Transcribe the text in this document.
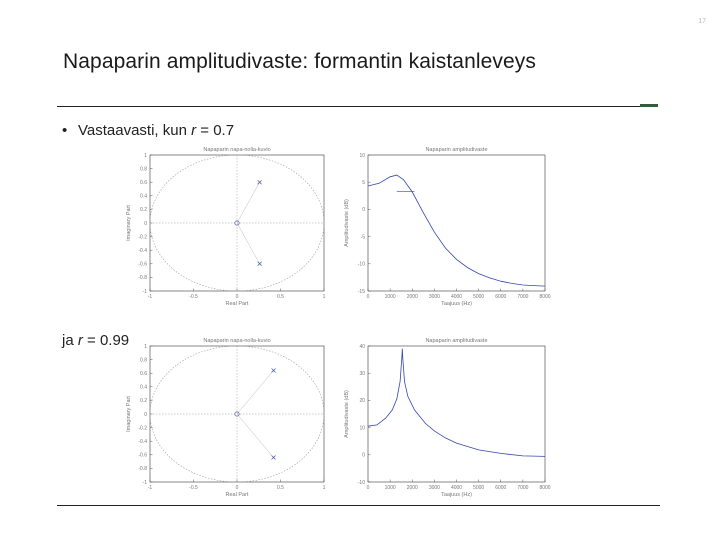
17
Napaparin amplitudivaste: formantin kaistanleveys
• Vastaavasti, kun r = 0.7
ja r = 0.99
Napaparin napa-nolla-kuvio
-1	-0.5	0	0.5	1
1
0.8
0.6
0.4
0.2
0
-0.2
-0.4
-0.6
-0.8
-1
Real Part
Imaginary Part
Napaparin amplitudivaste
0	1000 2000 3000 4000 5000 6000 7000 8000
10
5
0
-5
-10
-15
Taajuus (Hz)
Amplitudivaste (dB)
Napaparin napa-nolla-kuvio
-1	-0.5	0	0.5	1
1
0.8
0.6
0.4
0.2
0
-0.2
-0.4
-0.6
-0.8
-1
Real Part
Imaginary Part
Napaparin amplitudivaste
0	1000 2000 3000 4000 5000 6000 7000 8000
40
30
20
10
0
-10
Taajuus (Hz)
Amplitudivaste (dB)
